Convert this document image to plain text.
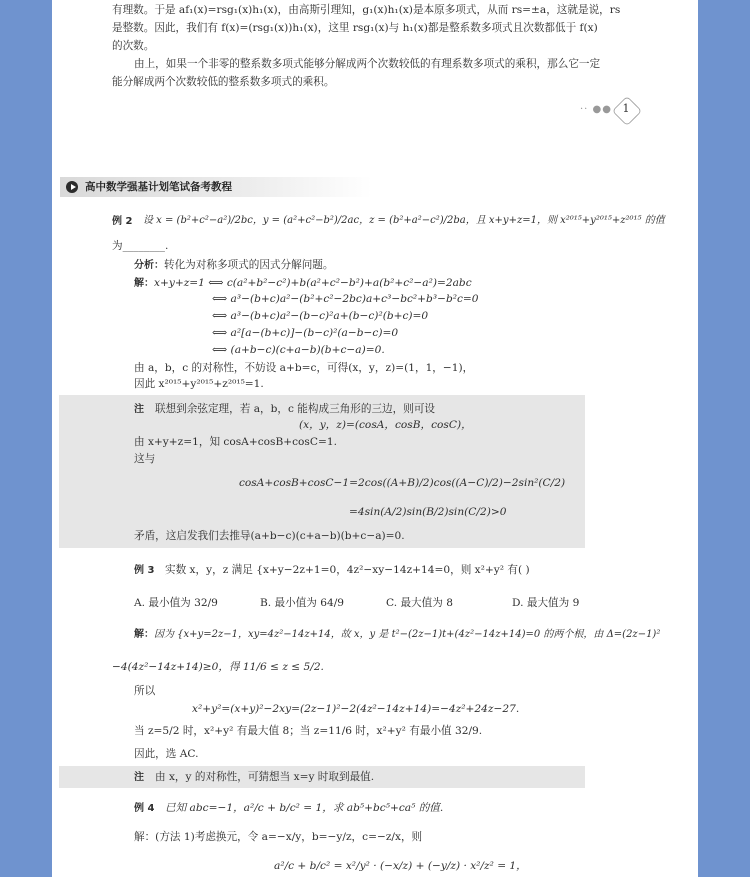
有理数。于是 af₁(x)=rsg₁(x)h₁(x)，由高斯引理知，g₁(x)h₁(x)是本原多项式，从而 rs=±a，这就是说，rs
是整数。因此，我们有 f(x)=(rsg₁(x))h₁(x)，这里 rsg₁(x)与 h₁(x)都是整系数多项式且次数都低于 f(x)
的次数。
由上，如果一个非零的整系数多项式能够分解成两个次数较低的有理系数多项式的乘积，那么它一定
能分解成两个次数较低的整系数多项式的乘积。
·· ●● 1
高中数学强基计划笔试备考教程
例 2 设 x = (b²+c²−a²)/2bc，y = (a²+c²−b²)/2ac，z = (b²+a²−c²)/2ba，且 x+y+z=1，则 x²⁰¹⁵+y²⁰¹⁵+z²⁰¹⁵ 的值
为________.
分析：转化为对称多项式的因式分解问题。
解：x+y+z=1 ⟺ c(a²+b²−c²)+b(a²+c²−b²)+a(b²+c²−a²)=2abc
⟺ a³−(b+c)a²−(b²+c²−2bc)a+c³−bc²+b³−b²c=0
⟺ a³−(b+c)a²−(b−c)²a+(b−c)²(b+c)=0
⟺ a²[a−(b+c)]−(b−c)²(a−b−c)=0
⟺ (a+b−c)(c+a−b)(b+c−a)=0.
由 a，b，c 的对称性，不妨设 a+b=c，可得(x，y，z)=(1，1，−1)，
因此 x²⁰¹⁵+y²⁰¹⁵+z²⁰¹⁵=1.
注 联想到余弦定理，若 a，b，c 能构成三角形的三边，则可设
(x，y，z)=(cosA，cosB，cosC)，
由 x+y+z=1，知 cosA+cosB+cosC=1.
这与
cosA+cosB+cosC−1=2cos((A+B)/2)cos((A−C)/2)−2sin²(C/2)
=4sin(A/2)sin(B/2)sin(C/2)>0
矛盾，这启发我们去推导(a+b−c)(c+a−b)(b+c−a)=0.
例 3 实数 x，y，z 满足 {x+y−2z+1=0，4z²−xy−14z+14=0，则 x²+y² 有( )
A. 最小值为 32/9	B. 最小值为 64/9	C. 最大值为 8	D. 最大值为 9
解：因为 {x+y=2z−1，xy=4z²−14z+14，故 x，y 是 t²−(2z−1)t+(4z²−14z+14)=0 的两个根，由 Δ=(2z−1)²
−4(4z²−14z+14)≥0，得 11/6 ≤ z ≤ 5/2.
所以
x²+y²=(x+y)²−2xy=(2z−1)²−2(4z²−14z+14)=−4z²+24z−27.
当 z=5/2 时，x²+y² 有最大值 8；当 z=11/6 时，x²+y² 有最小值 32/9.
因此，选 AC.
注 由 x，y 的对称性，可猜想当 x=y 时取到最值.
例 4 已知 abc=−1，a²/c + b/c² = 1，求 ab⁵+bc⁵+ca⁵ 的值.
解：(方法 1)考虑换元，令 a=−x/y，b=−y/z，c=−z/x，则
a²/c + b/c² = x²/y² · (−x/z) + (−y/z) · x²/z² = 1，
